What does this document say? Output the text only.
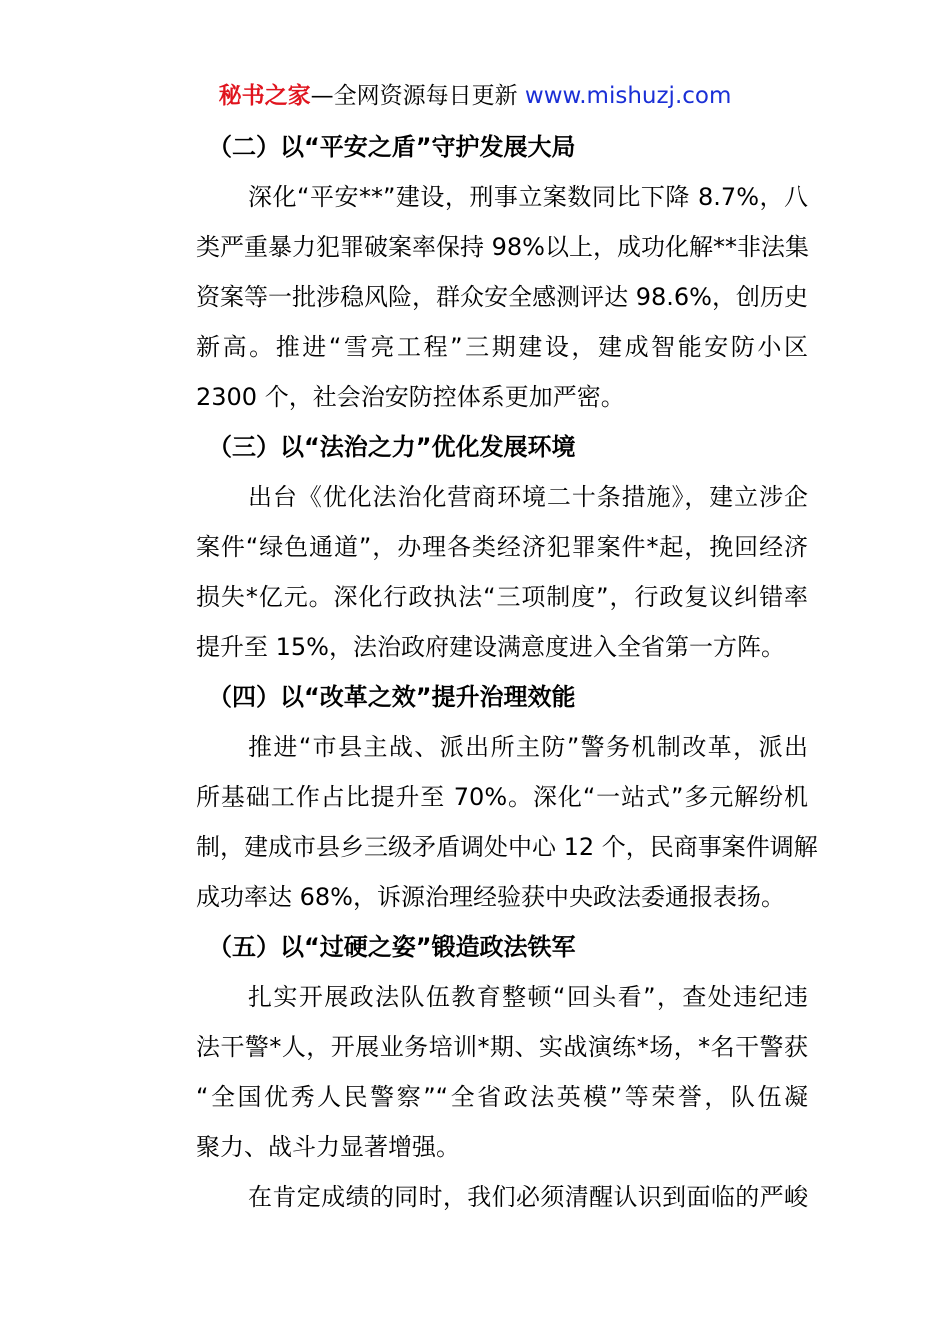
秘书之家—全网资源每日更新 www.mishuzj.com
（二）以“平安之盾”守护发展大局
深化“平安**”建设，刑事立案数同比下降 8.7%，八
类严重暴力犯罪破案率保持 98%以上，成功化解**非法集
资案等一批涉稳风险，群众安全感测评达 98.6%，创历史
新高。推进“雪亮工程”三期建设，建成智能安防小区
2300 个，社会治安防控体系更加严密。
（三）以“法治之力”优化发展环境
出台《优化法治化营商环境二十条措施》，建立涉企
案件“绿色通道”，办理各类经济犯罪案件*起，挽回经济
损失*亿元。深化行政执法“三项制度”，行政复议纠错率
提升至 15%，法治政府建设满意度进入全省第一方阵。
（四）以“改革之效”提升治理效能
推进“市县主战、派出所主防”警务机制改革，派出
所基础工作占比提升至 70%。深化“一站式”多元解纷机
制，建成市县乡三级矛盾调处中心 12 个，民商事案件调解
成功率达 68%，诉源治理经验获中央政法委通报表扬。
（五）以“过硬之姿”锻造政法铁军
扎实开展政法队伍教育整顿“回头看”，查处违纪违
法干警*人，开展业务培训*期、实战演练*场，*名干警获
“全国优秀人民警察”“全省政法英模”等荣誉，队伍凝
聚力、战斗力显著增强。
在肯定成绩的同时，我们必须清醒认识到面临的严峻
